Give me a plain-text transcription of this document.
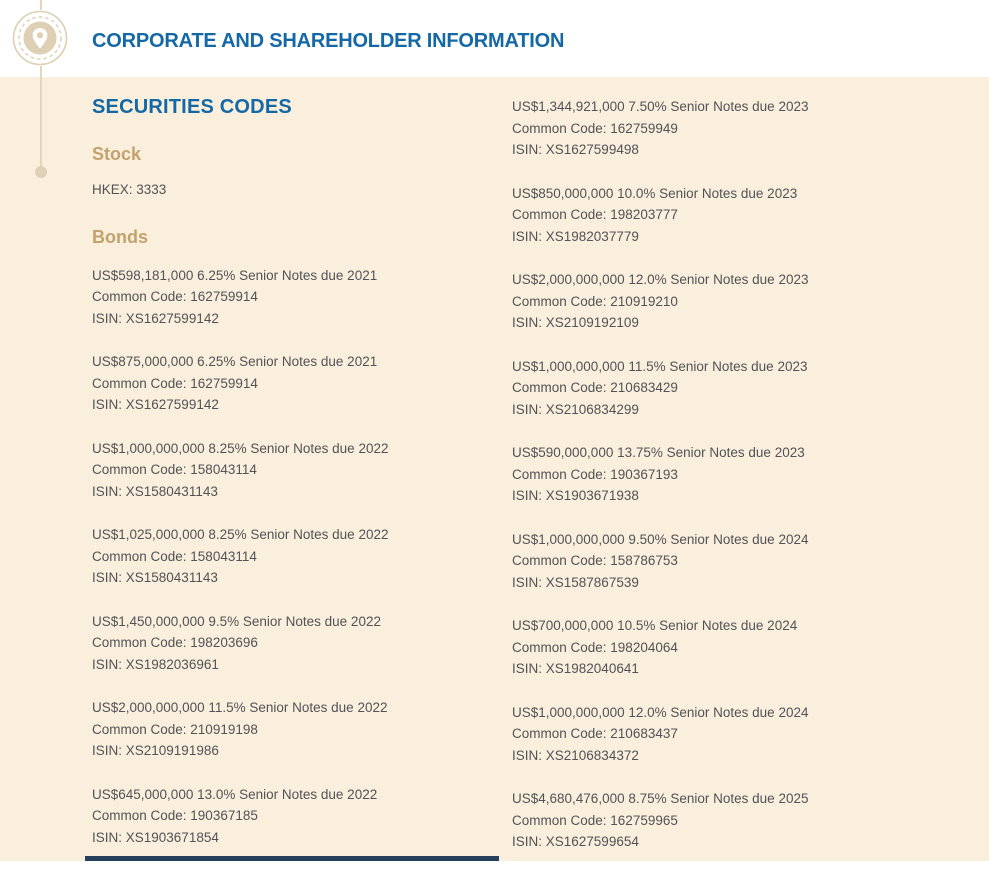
CORPORATE AND SHAREHOLDER INFORMATION
SECURITIES CODES
Stock
HKEX: 3333
Bonds
US$598,181,000 6.25% Senior Notes due 2021
Common Code: 162759914
ISIN: XS1627599142
US$875,000,000 6.25% Senior Notes due 2021
Common Code: 162759914
ISIN: XS1627599142
US$1,000,000,000 8.25% Senior Notes due 2022
Common Code: 158043114
ISIN: XS1580431143
US$1,025,000,000 8.25% Senior Notes due 2022
Common Code: 158043114
ISIN: XS1580431143
US$1,450,000,000 9.5% Senior Notes due 2022
Common Code: 198203696
ISIN: XS1982036961
US$2,000,000,000 11.5% Senior Notes due 2022
Common Code: 210919198
ISIN: XS2109191986
US$645,000,000 13.0% Senior Notes due 2022
Common Code: 190367185
ISIN: XS1903671854
US$1,344,921,000 7.50% Senior Notes due 2023
Common Code: 162759949
ISIN: XS1627599498
US$850,000,000 10.0% Senior Notes due 2023
Common Code: 198203777
ISIN: XS1982037779
US$2,000,000,000 12.0% Senior Notes due 2023
Common Code: 210919210
ISIN: XS2109192109
US$1,000,000,000 11.5% Senior Notes due 2023
Common Code: 210683429
ISIN: XS2106834299
US$590,000,000 13.75% Senior Notes due 2023
Common Code: 190367193
ISIN: XS1903671938
US$1,000,000,000 9.50% Senior Notes due 2024
Common Code: 158786753
ISIN: XS1587867539
US$700,000,000 10.5% Senior Notes due 2024
Common Code: 198204064
ISIN: XS1982040641
US$1,000,000,000 12.0% Senior Notes due 2024
Common Code: 210683437
ISIN: XS2106834372
US$4,680,476,000 8.75% Senior Notes due 2025
Common Code: 162759965
ISIN: XS1627599654
